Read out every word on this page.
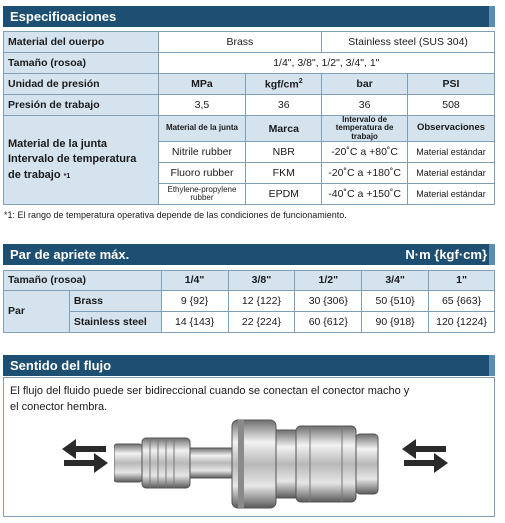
Especifioaciones
Material del ouerpo	Brass		Stainless steel (SUS 304)	
Tamaño (rosoa)	1/4", 3/8", 1/2", 3/4", 1"			
Unidad de presión	MPa	kgf/$cm^2$	bar	PSI
Presión de trabajo	3,5	36	36	508
Material de la junta
Intervalo de temperatura
de trabajo *1	Material de la junta	Marca	Intervalo de temperatura de trabajo	Observaciones
	Nitrile rubber	NBR	-20˚C a +80˚C	Material estándar
	Fluoro rubber	FKM	-20˚C a +180˚C	Material estándar
	Ethylene-propylene rubber	EPDM	-40˚C a +150˚C	Material estándar
*1: El rango de temperatura operativa depende de las condiciones de funcionamiento.
Par de apriete máx.	N·m {kgf·cm}
Tamaño (rosoa)		1/4"	3/8"	1/2"	3/4"	1"
Par	Brass	9 {92}	12 {122}	30 {306}	50 {510}	65 {663}
	Stainless steel	14 {143}	22 {224}	60 {612}	90 {918}	120 {1224}
Sentido del flujo
El flujo del fluido puede ser bidireccional cuando se conectan el conector macho y
el conector hembra.
